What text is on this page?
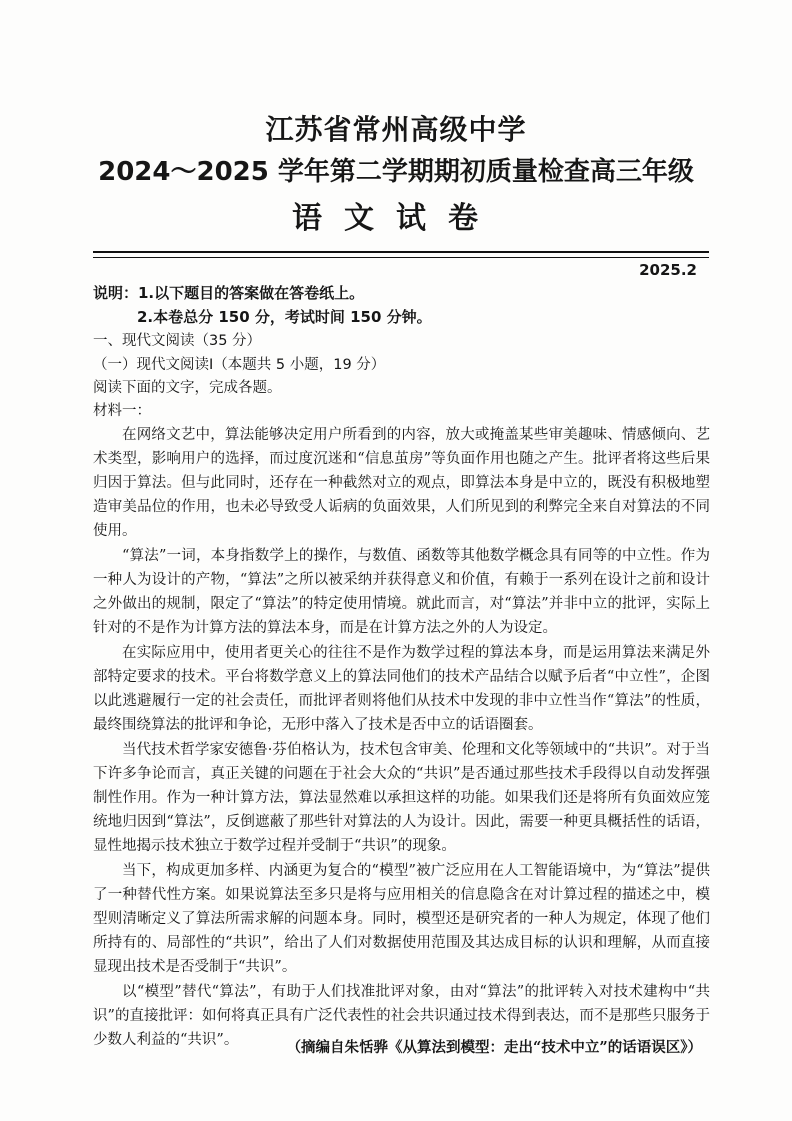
江苏省常州高级中学
2024～2025 学年第二学期期初质量检查高三年级
语文试卷
2025.2
说明：1.以下题目的答案做在答卷纸上。
2.本卷总分 150 分，考试时间 150 分钟。
一、现代文阅读（35 分）
（一）现代文阅读Ⅰ（本题共 5 小题，19 分）
阅读下面的文字，完成各题。
材料一：

在网络文艺中，算法能够决定用户所看到的内容，放大或掩盖某些审美趣味、情感倾向、艺术类型，影响用户的选择，而过度沉迷和“信息茧房”等负面作用也随之产生。批评者将这些后果归因于算法。但与此同时，还存在一种截然对立的观点，即算法本身是中立的，既没有积极地塑造审美品位的作用，也未必导致受人诟病的负面效果，人们所见到的利弊完全来自对算法的不同使用。

“算法”一词，本身指数学上的操作，与数值、函数等其他数学概念具有同等的中立性。作为一种人为设计的产物，“算法”之所以被采纳并获得意义和价值，有赖于一系列在设计之前和设计之外做出的规制，限定了“算法”的特定使用情境。就此而言，对“算法”并非中立的批评，实际上针对的不是作为计算方法的算法本身，而是在计算方法之外的人为设定。

在实际应用中，使用者更关心的往往不是作为数学过程的算法本身，而是运用算法来满足外部特定要求的技术。平台将数学意义上的算法同他们的技术产品结合以赋予后者“中立性”，企图以此逃避履行一定的社会责任，而批评者则将他们从技术中发现的非中立性当作“算法”的性质，最终围绕算法的批评和争论，无形中落入了技术是否中立的话语圈套。

当代技术哲学家安德鲁·芬伯格认为，技术包含审美、伦理和文化等领域中的“共识”。对于当下许多争论而言，真正关键的问题在于社会大众的“共识”是否通过那些技术手段得以自动发挥强制性作用。作为一种计算方法，算法显然难以承担这样的功能。如果我们还是将所有负面效应笼统地归因到“算法”，反倒遮蔽了那些针对算法的人为设计。因此，需要一种更具概括性的话语，显性地揭示技术独立于数学过程并受制于“共识”的现象。

当下，构成更加多样、内涵更为复合的“模型”被广泛应用在人工智能语境中，为“算法”提供了一种替代性方案。如果说算法至多只是将与应用相关的信息隐含在对计算过程的描述之中，模型则清晰定义了算法所需求解的问题本身。同时，模型还是研究者的一种人为规定，体现了他们所持有的、局部性的“共识”，给出了人们对数据使用范围及其达成目标的认识和理解，从而直接显现出技术是否受制于“共识”。

以“模型”替代“算法”，有助于人们找准批评对象，由对“算法”的批评转入对技术建构中“共识”的直接批评：如何将真正具有广泛代表性的社会共识通过技术得到表达，而不是那些只服务于少数人利益的“共识”。	（摘编自朱恬骅《从算法到模型：走出“技术中立”的话语误区》）
